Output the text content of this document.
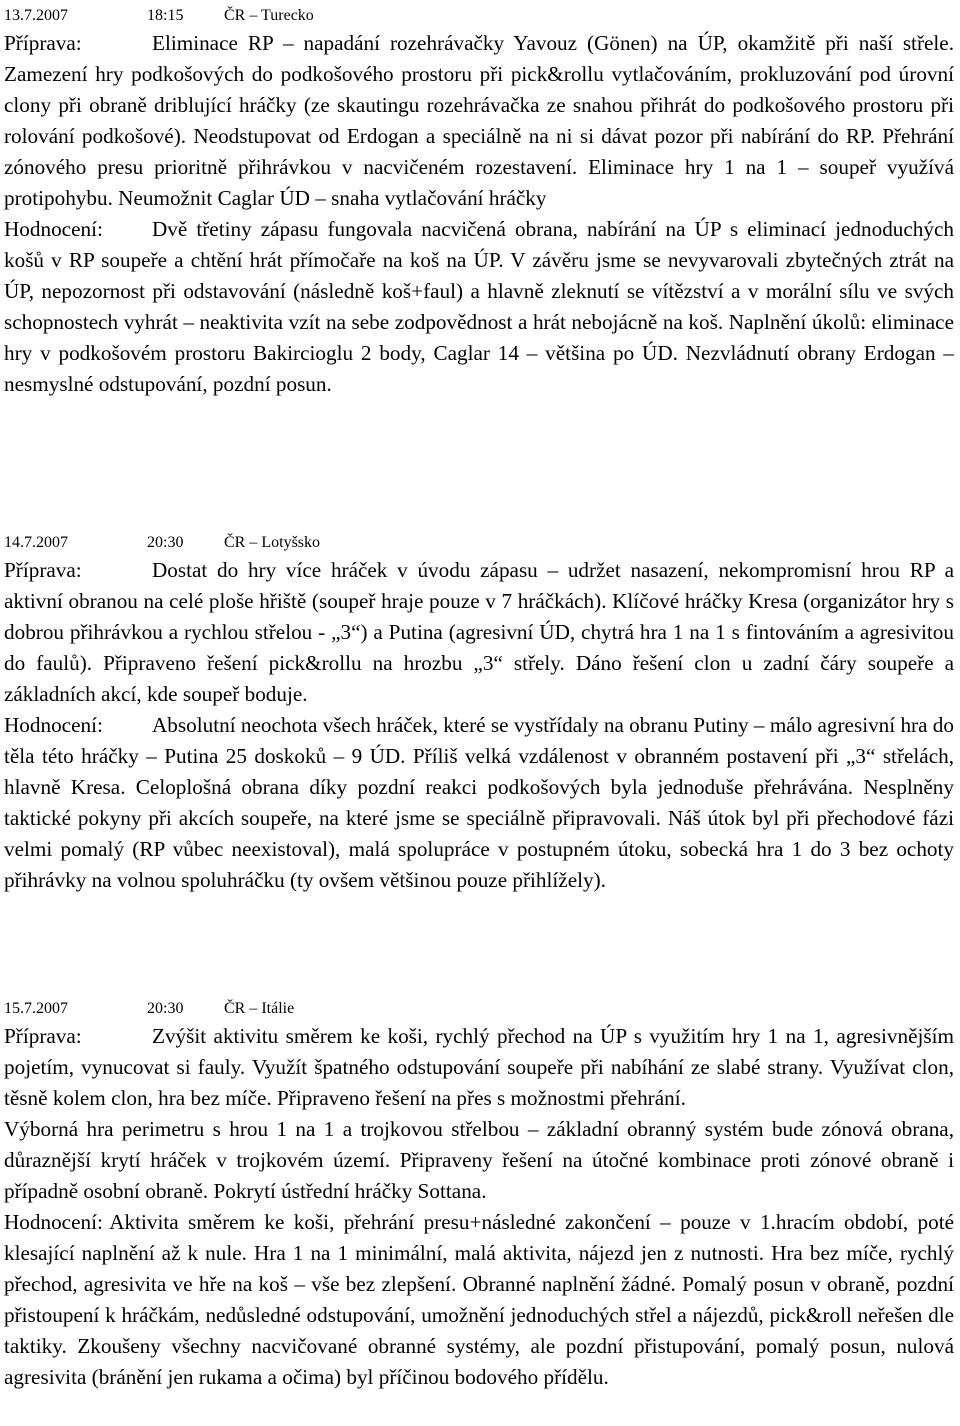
13.7.2007	18:15	ČR – Turecko
Příprava:	Eliminace RP – napadání rozehrávačky Yavouz (Gönen) na ÚP, okamžitě při naší střele. Zamezení hry podkošových do podkošového prostoru při pick&rollu vytlačováním, prokluzování pod úrovní clony při obraně driblující hráčky (ze skautingu rozehrávačka ze snahou přihrát do podkošového prostoru při rolování podkošové). Neodstupovat od Erdogan a speciálně na ni si dávat pozor při nabírání do RP. Přehrání zónového presu prioritně přihrávkou v nacvičeném rozestavení. Eliminace hry 1 na 1 – soupeř využívá protipohybu. Neumožnit Caglar ÚD – snaha vytlačování hráčky
Hodnocení: Dvě třetiny zápasu fungovala nacvičená obrana, nabírání na ÚP s eliminací jednoduchých košů v RP soupeře a chtění hrát přímočaře na koš na ÚP. V závěru jsme se nevyvarovali zbytečných ztrát na ÚP, nepozornost při odstavování (následně koš+faul) a hlavně zleknutí se vítězství a v morální sílu ve svých schopnostech vyhrát – neaktivita vzít na sebe zodpovědnost a hrát nebojácně na koš. Naplnění úkolů: eliminace hry v podkošovém prostoru Bakircioglu 2 body, Caglar 14 – většina po ÚD. Nezvládnutí obrany Erdogan – nesmyslné odstupování, pozdní posun.
14.7.2007	20:30	ČR – Lotyšsko
Příprava:	Dostat do hry více hráček v úvodu zápasu – udržet nasazení, nekompromisní hrou RP a aktivní obranou na celé ploše hřiště (soupeř hraje pouze v 7 hráčkách). Klíčové hráčky Kresa (organizátor hry s dobrou přihrávkou a rychlou střelou - „3“) a Putina (agresivní ÚD, chytrá hra 1 na 1 s fintováním a agresivitou do faulů). Připraveno řešení pick&rollu na hrozbu „3“ střely. Dáno řešení clon u zadní čáry soupeře a základních akcí, kde soupeř boduje.
Hodnocení: Absolutní neochota všech hráček, které se vystřídaly na obranu Putiny – málo agresivní hra do těla této hráčky – Putina 25 doskoků – 9 ÚD. Příliš velká vzdálenost v obranném postavení při „3“ střelách, hlavně Kresa. Celoplošná obrana díky pozdní reakci podkošových byla jednoduše přehrávána. Nesplněny taktické pokyny při akcích soupeře, na které jsme se speciálně připravovali. Náš útok byl při přechodové fázi velmi pomalý (RP vůbec neexistoval), malá spolupráce v postupném útoku, sobecká hra 1 do 3 bez ochoty přihrávky na volnou spoluhráčku (ty ovšem většinou pouze přihlížely).
15.7.2007	20:30	ČR – Itálie
Příprava:	Zvýšit aktivitu směrem ke koši, rychlý přechod na ÚP s využitím hry 1 na 1, agresivnějším pojetím, vynucovat si fauly. Využít špatného odstupování soupeře při nabíhání ze slabé strany. Využívat clon, těsně kolem clon, hra bez míče. Připraveno řešení na přes s možnostmi přehrání.
Výborná hra perimetru s hrou 1 na 1 a trojkovou střelbou – základní obranný systém bude zónová obrana, důraznější krytí hráček v trojkovém území. Připraveny řešení na útočné kombinace proti zónové obraně i případně osobní obraně. Pokrytí ústřední hráčky Sottana.
Hodnocení: Aktivita směrem ke koši, přehrání presu+následné zakončení – pouze v 1.hracím období, poté klesající naplnění až k nule. Hra 1 na 1 minimální, malá aktivita, nájezd jen z nutnosti. Hra bez míče, rychlý přechod, agresivita ve hře na koš – vše bez zlepšení. Obranné naplnění žádné. Pomalý posun v obraně, pozdní přistoupení k hráčkám, nedůsledné odstupování, umožnění jednoduchých střel a nájezdů, pick&roll neřešen dle taktiky. Zkoušeny všechny nacvičované obranné systémy, ale pozdní přistupování, pomalý posun, nulová agresivita (bránění jen rukama a očima) byl příčinou bodového přídělu.
